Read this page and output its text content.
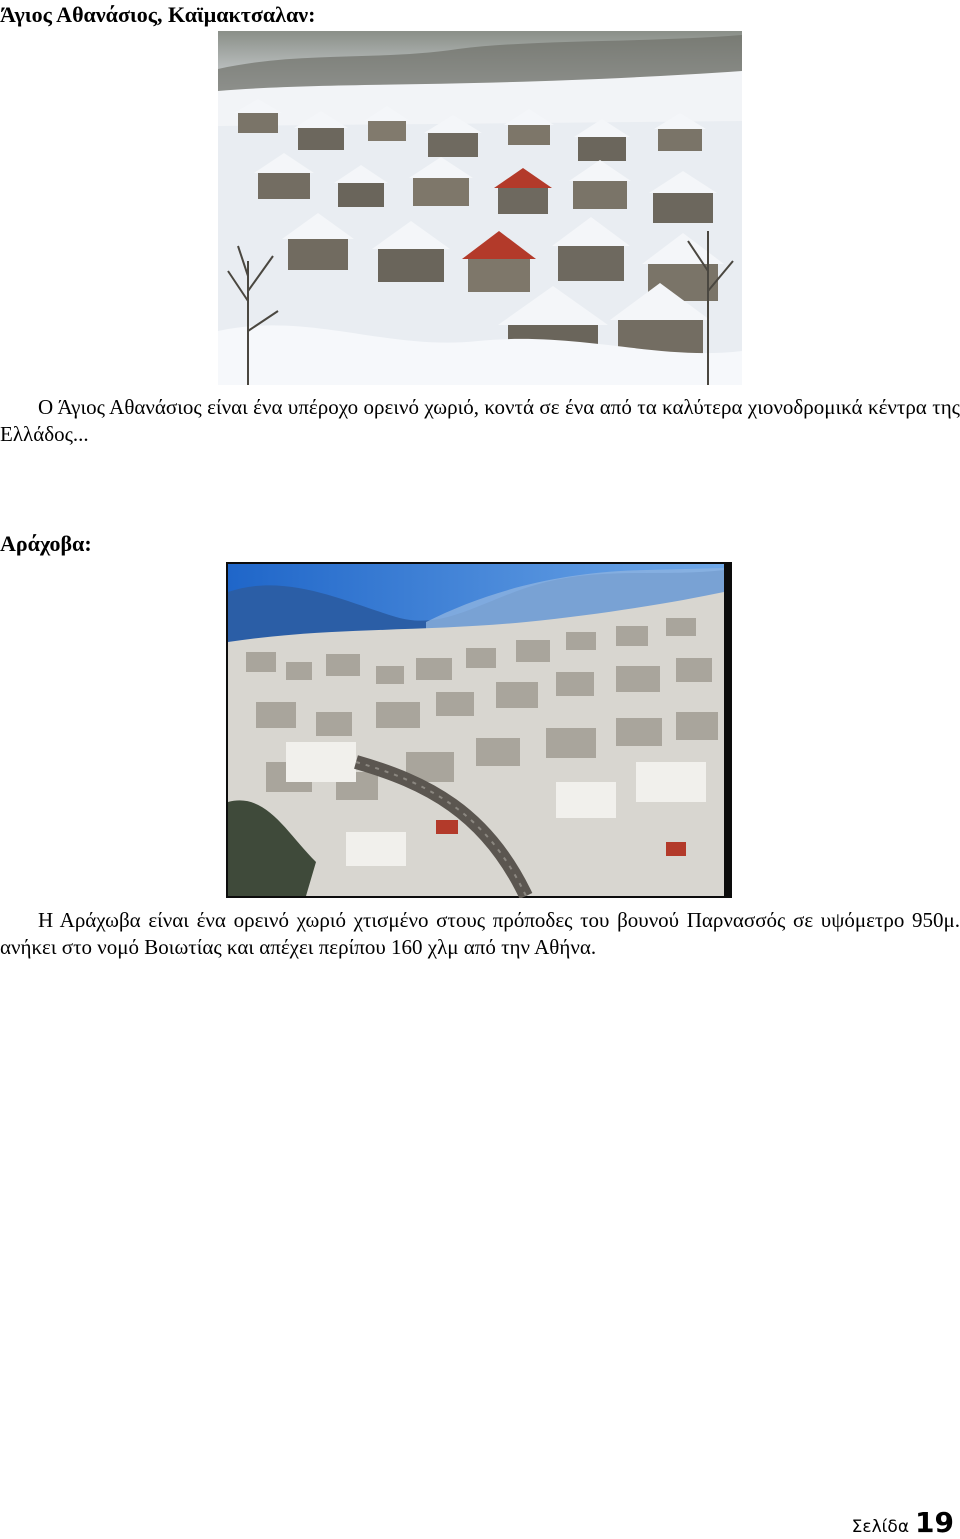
Άγιος Αθανάσιος, Καϊμακτσαλαν:
Ο Άγιος Αθανάσιος είναι ένα υπέροχο ορεινό χωριό, κοντά σε ένα από τα καλύτερα χιονοδρομικά κέντρα της Ελλάδος...
Αράχοβα:
Η Αράχωβα είναι ένα ορεινό χωριό χτισμένο στους πρόποδες του βουνού Παρνασσός σε υψόμετρο 950μ. ανήκει στο νομό Βοιωτίας και απέχει περίπου 160 χλμ από την Αθήνα.
Σελίδα 19
